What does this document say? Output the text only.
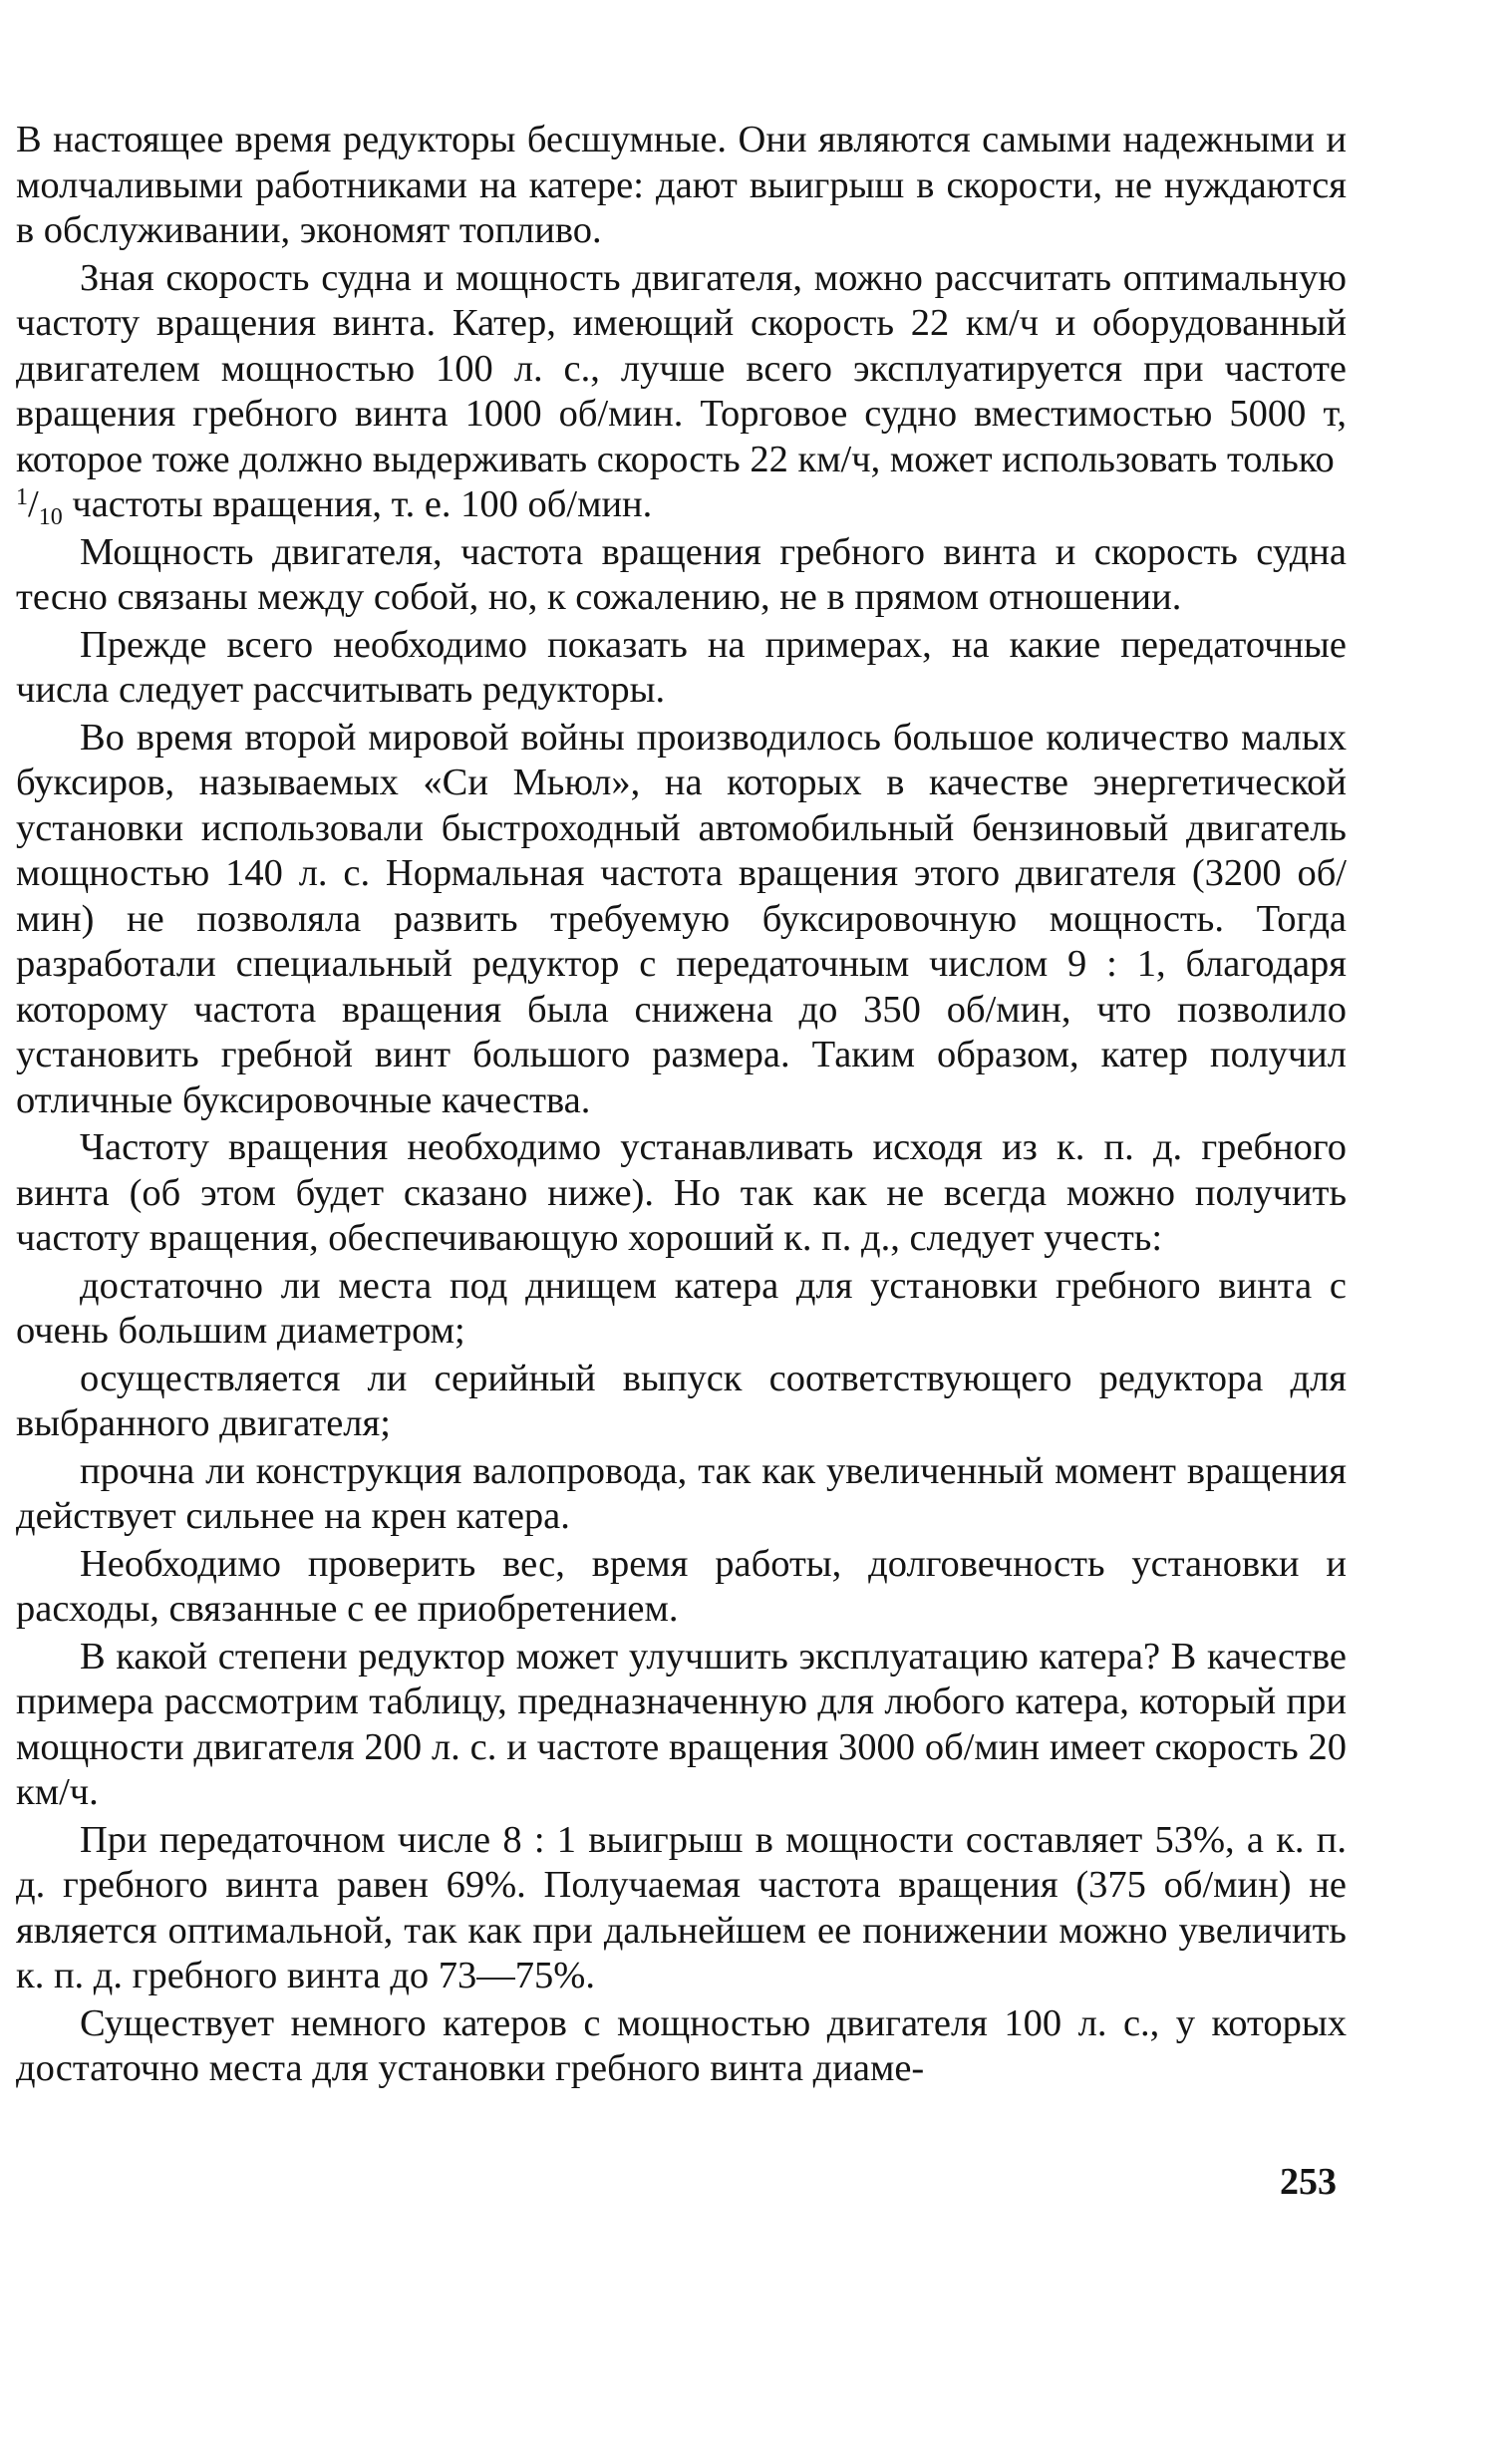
В настоящее время редукторы бесшумные. Они являются самыми надежными и молчаливыми работниками на катере: дают выигрыш в скорости, не нуждаются в обслуживании, экономят топливо.

Зная скорость судна и мощность двигателя, можно рассчитать оптимальную частоту вращения винта. Катер, имеющий скорость 22 км/ч и оборудованный двигателем мощностью 100 л. с., лучше всего эксплуатируется при частоте вращения гребного винта 1000 об/мин. Торговое судно вместимостью 5000 т, которое тоже должно выдерживать скорость 22 км/ч, может использовать только
$^1/_{10}$ частоты вращения, т. е. 100 об/мин.

Мощность двигателя, частота вращения гребного винта и скорость судна тесно связаны между собой, но, к сожалению, не в прямом отношении.

Прежде всего необходимо показать на примерах, на какие передаточные числа следует рассчитывать редукторы.

Во время второй мировой войны производилось большое количество малых буксиров, называемых «Си Мьюл», на которых в качестве энергетической установки использовали быстроходный автомобильный бензиновый двигатель мощностью 140 л. с. Нормальная частота вращения этого двигателя (3200 об/мин) не позволяла развить требуемую буксировочную мощность. Тогда разработали специальный редуктор с передаточным числом 9 : 1, благодаря которому частота вращения была снижена до 350 об/мин, что позволило установить гребной винт большого размера. Таким образом, катер получил отличные буксировочные качества.

Частоту вращения необходимо устанавливать исходя из к. п. д. гребного винта (об этом будет сказано ниже). Но так как не всегда можно получить частоту вращения, обеспечивающую хороший к. п. д., следует учесть:

достаточно ли места под днищем катера для установки гребного винта с очень большим диаметром;

осуществляется ли серийный выпуск соответствующего редуктора для выбранного двигателя;

прочна ли конструкция валопровода, так как увеличенный момент вращения действует сильнее на крен катера.

Необходимо проверить вес, время работы, долговечность установки и расходы, связанные с ее приобретением.

В какой степени редуктор может улучшить эксплуатацию катера? В качестве примера рассмотрим таблицу, предназначенную для любого катера, который при мощности двигателя 200 л. с. и частоте вращения 3000 об/мин имеет скорость 20 км/ч.

При передаточном числе 8 : 1 выигрыш в мощности составляет 53%, а к. п. д. гребного винта равен 69%. Получаемая частота вращения (375 об/мин) не является оптимальной, так как при дальнейшем ее понижении можно увеличить к. п. д. гребного винта до 73—75%.

Существует немного катеров с мощностью двигателя 100 л. с., у которых достаточно места для установки гребного винта диаме-

253
